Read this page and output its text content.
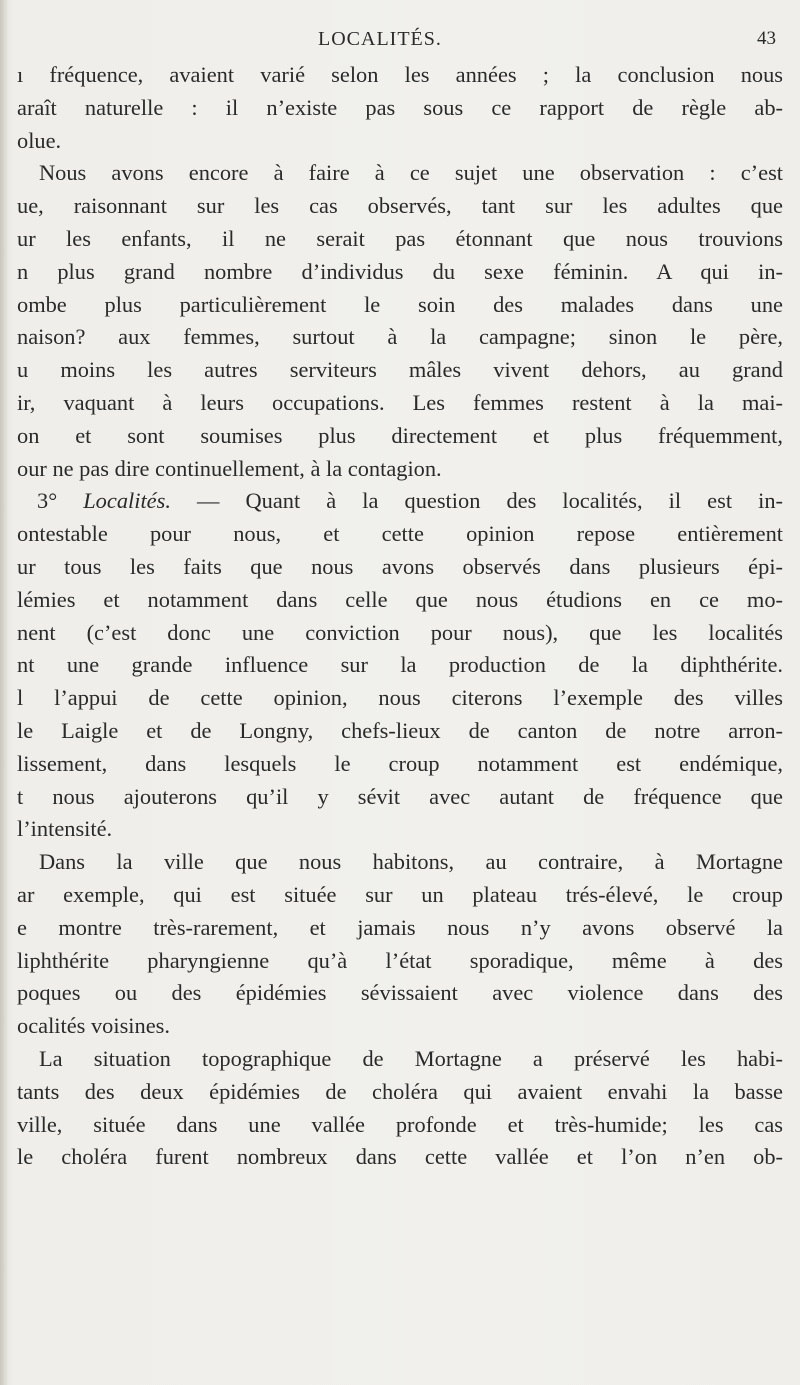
LOCALITÉS.	43
ı fréquence, avaient varié selon les années ; la conclusion nous
araît naturelle : il n’existe pas sous ce rapport de règle ab-
olue.
Nous avons encore à faire à ce sujet une observation : c’est
ue, raisonnant sur les cas observés, tant sur les adultes que
ur les enfants, il ne serait pas étonnant que nous trouvions
n plus grand nombre d’individus du sexe féminin. A qui in-
ombe plus particulièrement le soin des malades dans une
naison? aux femmes, surtout à la campagne; sinon le père,
u moins les autres serviteurs mâles vivent dehors, au grand
ir, vaquant à leurs occupations. Les femmes restent à la mai-
on et sont soumises plus directement et plus fréquemment,
our ne pas dire continuellement, à la contagion.
3° Localités. — Quant à la question des localités, il est in-
ontestable pour nous, et cette opinion repose entièrement
ur tous les faits que nous avons observés dans plusieurs épi-
lémies et notamment dans celle que nous étudions en ce mo-
nent (c’est donc une conviction pour nous), que les localités
nt une grande influence sur la production de la diphthérite.
l l’appui de cette opinion, nous citerons l’exemple des villes
le Laigle et de Longny, chefs-lieux de canton de notre arron-
lissement, dans lesquels le croup notamment est endémique,
t nous ajouterons qu’il y sévit avec autant de fréquence que
l’intensité.
Dans la ville que nous habitons, au contraire, à Mortagne
ar exemple, qui est située sur un plateau trés-élevé, le croup
e montre très-rarement, et jamais nous n’y avons observé la
liphthérite pharyngienne qu’à l’état sporadique, même à des
poques ou des épidémies sévissaient avec violence dans des
ocalités voisines.
La situation topographique de Mortagne a préservé les habi-
tants des deux épidémies de choléra qui avaient envahi la basse
ville, située dans une vallée profonde et très-humide; les cas
le choléra furent nombreux dans cette vallée et l’on n’en ob-
